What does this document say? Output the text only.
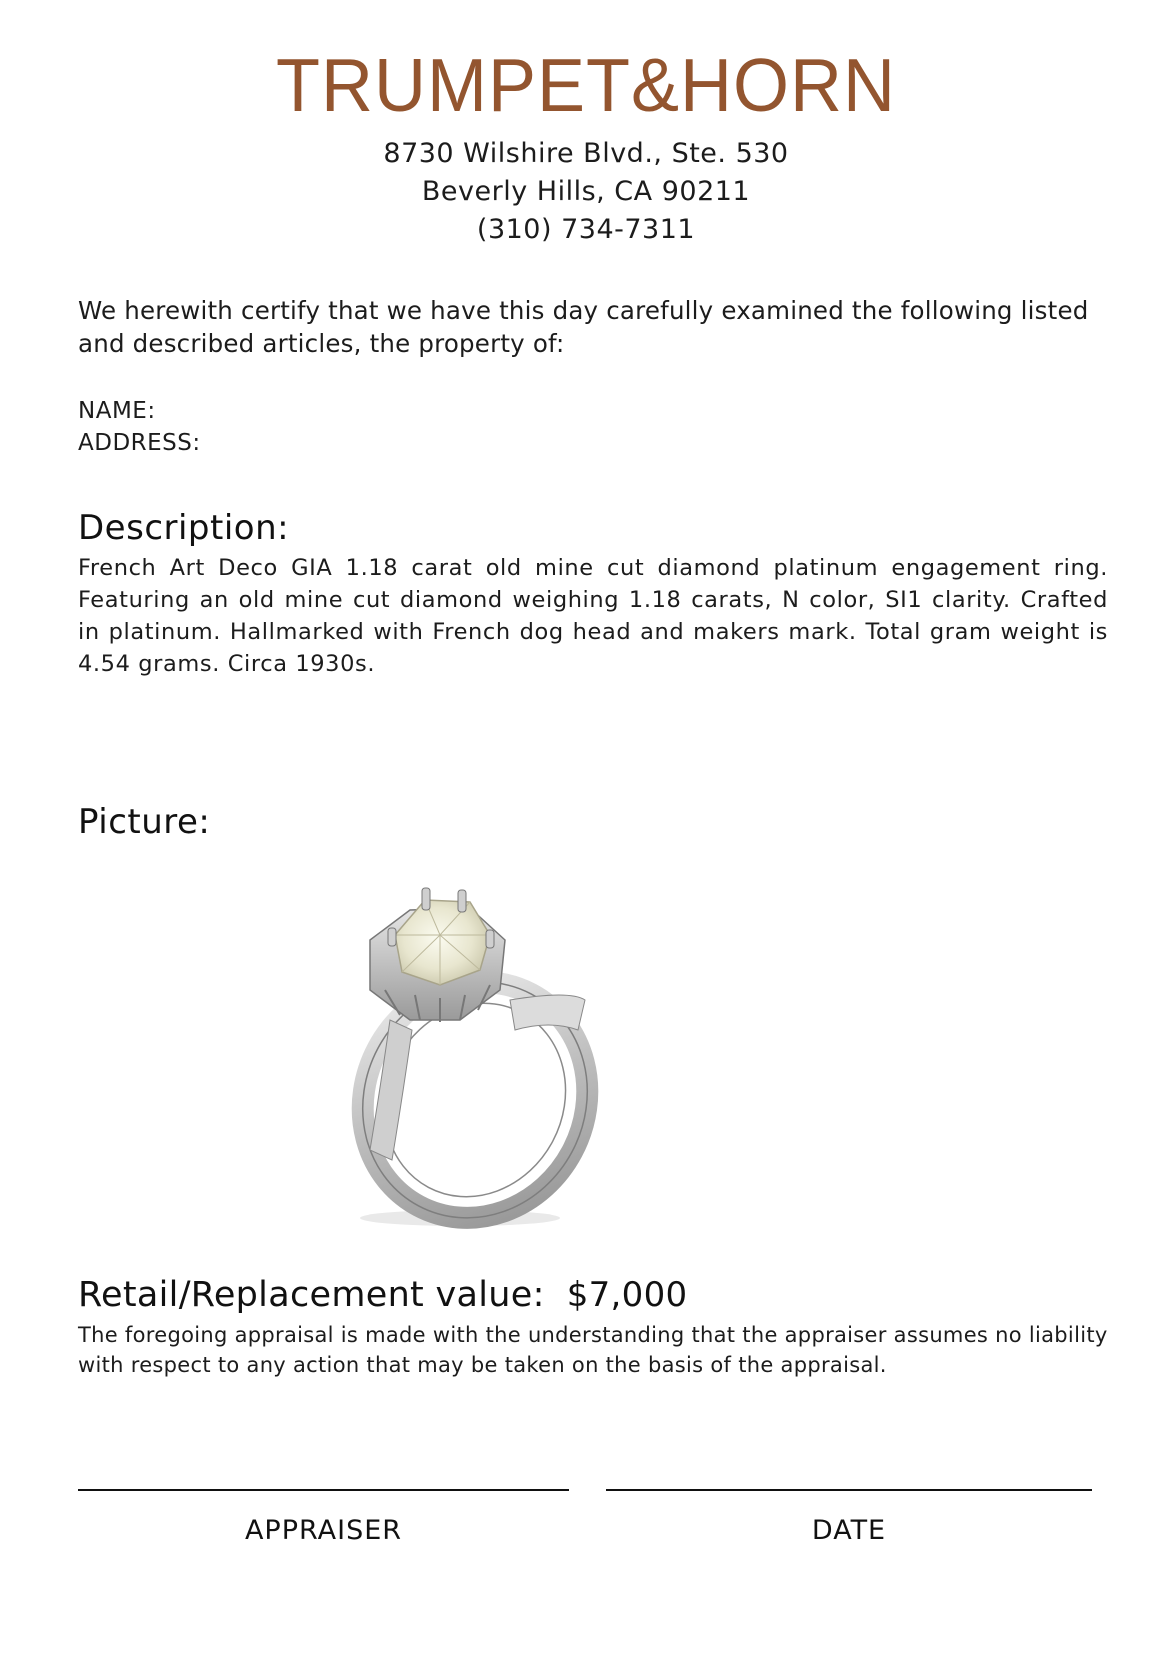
TRUMPET&HORN
8730 Wilshire Blvd., Ste. 530
Beverly Hills, CA 90211
(310) 734-7311
We herewith certify that we have this day carefully examined the following listed and described articles, the property of:
NAME:
ADDRESS:
Description:
French Art Deco GIA 1.18 carat old mine cut diamond platinum engagement ring. Featuring an old mine cut diamond weighing 1.18 carats, N color, SI1 clarity. Crafted in platinum. Hallmarked with French dog head and makers mark. Total gram weight is 4.54 grams. Circa 1930s.
Picture:
Retail/Replacement value: $7,000
The foregoing appraisal is made with the understanding that the appraiser assumes no liability with respect to any action that may be taken on the basis of the appraisal.
APPRAISER	DATE
